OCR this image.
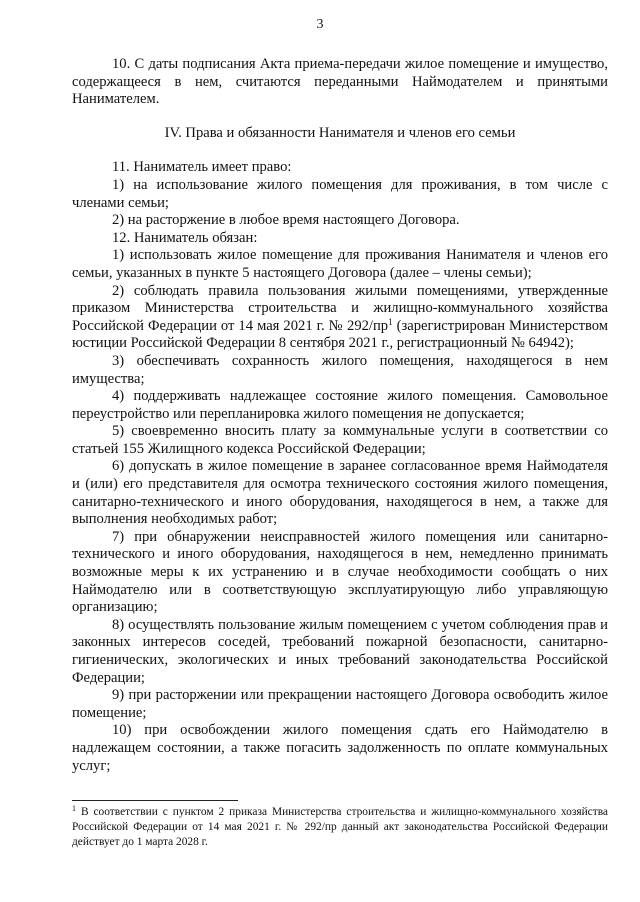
3

10. С даты подписания Акта приема-передачи жилое помещение и имущество, содержащееся в нем, считаются переданными Наймодателем и принятыми Нанимателем.

IV. Права и обязанности Нанимателя и членов его семьи

11. Наниматель имеет право:

1) на использование жилого помещения для проживания, в том числе с членами семьи;

2) на расторжение в любое время настоящего Договора.

12. Наниматель обязан:

1) использовать жилое помещение для проживания Нанимателя и членов его семьи, указанных в пункте 5 настоящего Договора (далее – члены семьи);

2) соблюдать правила пользования жилыми помещениями, утвержденные приказом Министерства строительства и жилищно-коммунального хозяйства Российской Федерации от 14 мая 2021 г. № $292/пр^1$ (зарегистрирован Министерством юстиции Российской Федерации 8 сентября 2021 г., регистрационный № 64942);

3) обеспечивать сохранность жилого помещения, находящегося в нем имущества;

4) поддерживать надлежащее состояние жилого помещения. Самовольное переустройство или перепланировка жилого помещения не допускается;

5) своевременно вносить плату за коммунальные услуги в соответствии со статьей 155 Жилищного кодекса Российской Федерации;

6) допускать в жилое помещение в заранее согласованное время Наймодателя и (или) его представителя для осмотра технического состояния жилого помещения, санитарно-технического и иного оборудования, находящегося в нем, а также для выполнения необходимых работ;

7) при обнаружении неисправностей жилого помещения или санитарно-технического и иного оборудования, находящегося в нем, немедленно принимать возможные меры к их устранению и в случае необходимости сообщать о них Наймодателю или в соответствующую эксплуатирующую либо управляющую организацию;

8) осуществлять пользование жилым помещением с учетом соблюдения прав и законных интересов соседей, требований пожарной безопасности, санитарно-гигиенических, экологических и иных требований законодательства Российской Федерации;

9) при расторжении или прекращении настоящего Договора освободить жилое помещение;

10) при освобождении жилого помещения сдать его Наймодателю в надлежащем состоянии, а также погасить задолженность по оплате коммунальных услуг;

$^1$ В соответствии с пунктом 2 приказа Министерства строительства и жилищно-коммунального хозяйства Российской Федерации от 14 мая 2021 г. № 292/пр данный акт законодательства Российской Федерации действует до 1 марта 2028 г.
